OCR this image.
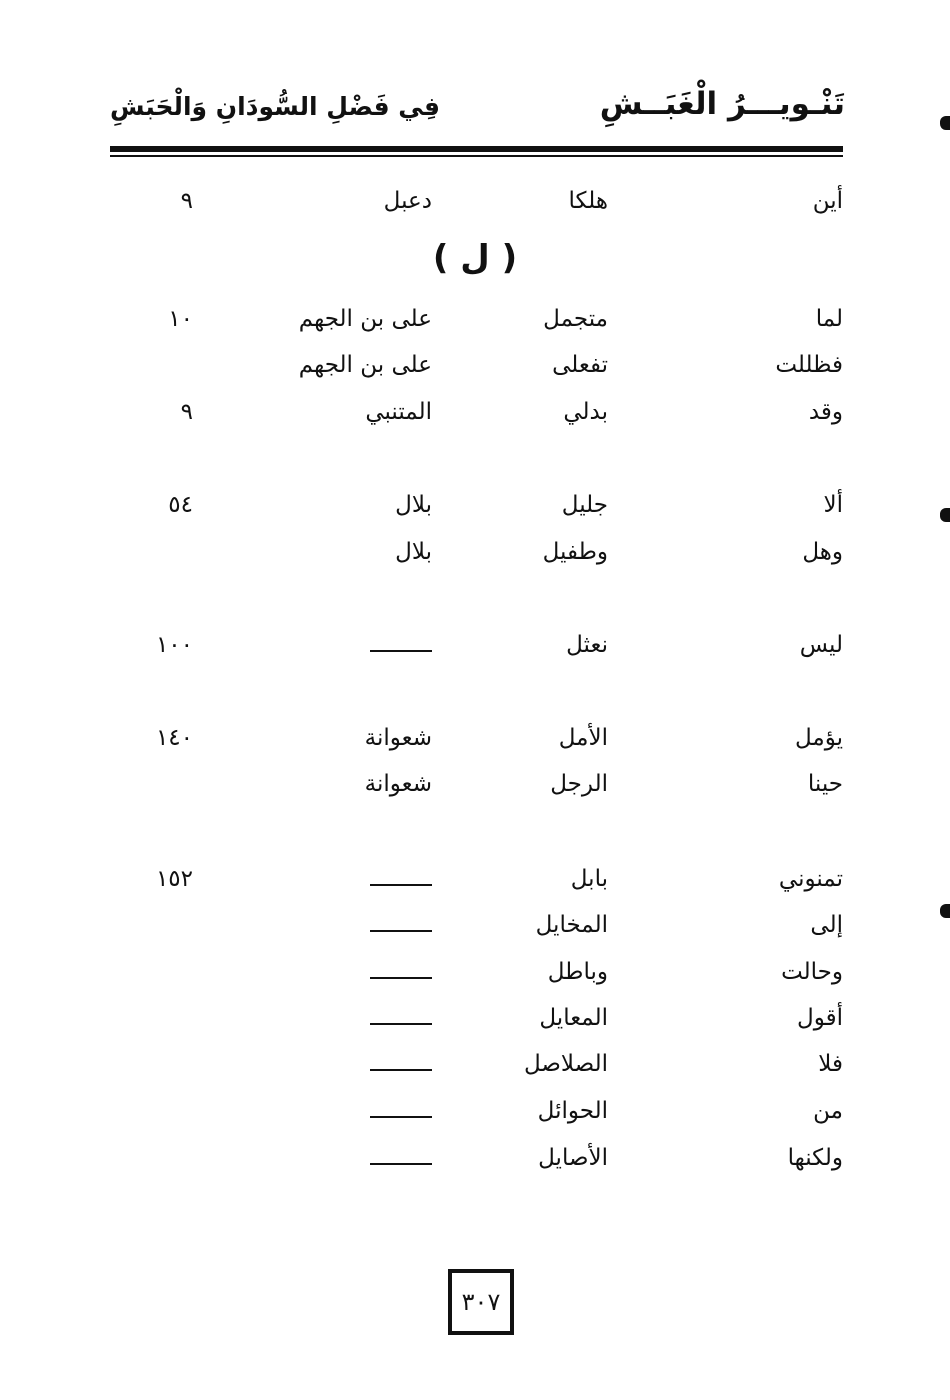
تَنْـويـــرُ الْغَبَــشِ
فِي فَضْلِ السُّودَانِ وَالْحَبَشِ
أين
هلكا
دعبل
٩
( ل )
لما
متجمل
على بن الجهم
١٠
فظللت
تفعلى
على بن الجهم
وقد
بدلي
المتنبي
٩
ألا
جليل
بلال
٥٤
وهل
وطفيل
بلال
ليس
نعثل
١٠٠
يؤمل
الأمل
شعوانة
١٤٠
حينا
الرجل
شعوانة
تمنوني
بابل
١٥٢
إلى
المخايل
وحالت
وباطل
أقول
المعايل
فلا
الصلاصل
من
الحوائل
ولكنها
الأصايل
٣٠٧
